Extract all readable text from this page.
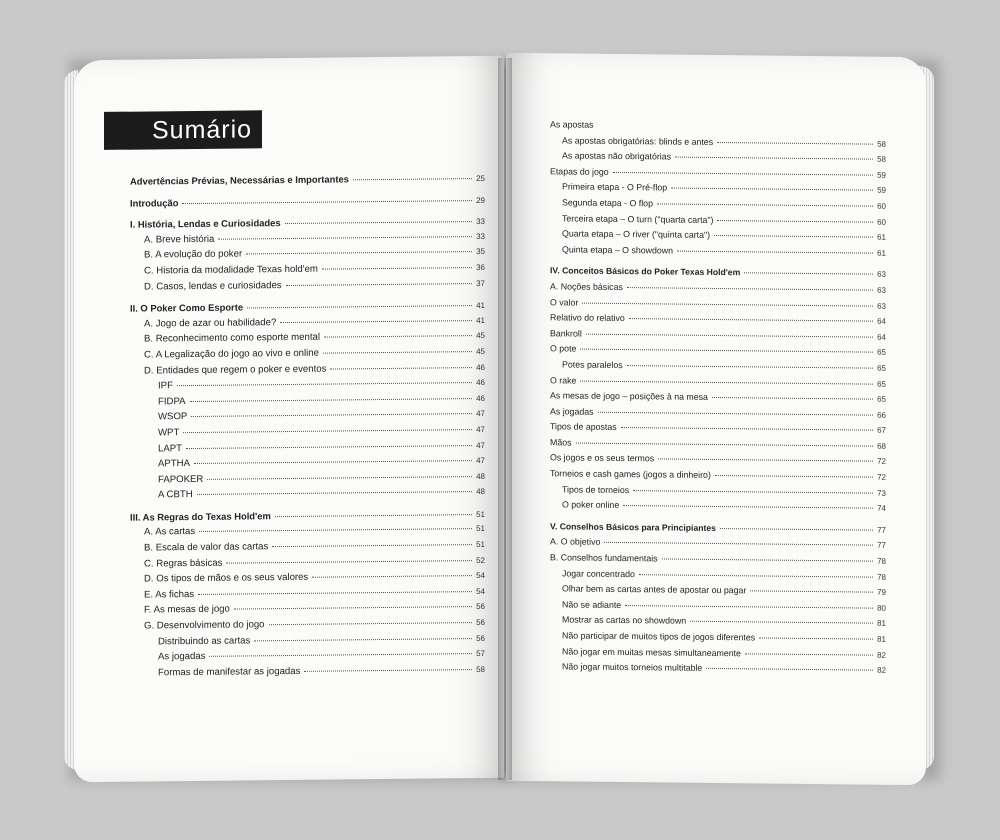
Sumário
Advertências Prévias, Necessárias e Importantes	25
Introdução	29
I. História, Lendas e Curiosidades	33
A. Breve história	33
B. A evolução do poker	35
C. Historia da modalidade Texas hold'em	36
D. Casos, lendas e curiosidades	37
II. O Poker Como Esporte	41
A. Jogo de azar ou habilidade?	41
B. Reconhecimento como esporte mental	45
C. A Legalização do jogo ao vivo e online	45
D. Entidades que regem o poker e eventos	46
IPF	46
FIDPA	46
WSOP	47
WPT	47
LAPT	47
APTHA	47
FAPOKER	48
A CBTH	48
III. As Regras do Texas Hold'em	51
A. As cartas	51
B. Escala de valor das cartas	51
C. Regras básicas	52
D. Os tipos de mãos e os seus valores	54
E. As fichas	54
F. As mesas de jogo	56
G. Desenvolvimento do jogo	56
Distribuindo as cartas	56
As jogadas	57
Formas de manifestar as jogadas	58
As apostas
As apostas obrigatórias: blinds e antes	58
As apostas não obrigatórias	58
Etapas do jogo	59
Primeira etapa - O Pré-flop	59
Segunda etapa - O flop	60
Terceira etapa – O turn ("quarta carta")	60
Quarta etapa – O river ("quinta carta")	61
Quinta etapa – O showdown	61
IV. Conceitos Básicos do Poker Texas Hold'em	63
A. Noções básicas	63
O valor	63
Relativo do relativo	64
Bankroll	64
O pote	65
Potes paralelos	65
O rake	65
As mesas de jogo – posições à na mesa	65
As jogadas	66
Tipos de apostas	67
Mãos	68
Os jogos e os seus termos	72
Torneios e cash games (jogos a dinheiro)	72
Tipos de torneios	73
O poker online	74
V. Conselhos Básicos para Principiantes	77
A. O objetivo	77
B. Conselhos fundamentais	78
Jogar concentrado	78
Olhar bem as cartas antes de apostar ou pagar	79
Não se adiante	80
Mostrar as cartas no showdown	81
Não participar de muitos tipos de jogos diferentes	81
Não jogar em muitas mesas simultaneamente	82
Não jogar muitos torneios multitable	82
